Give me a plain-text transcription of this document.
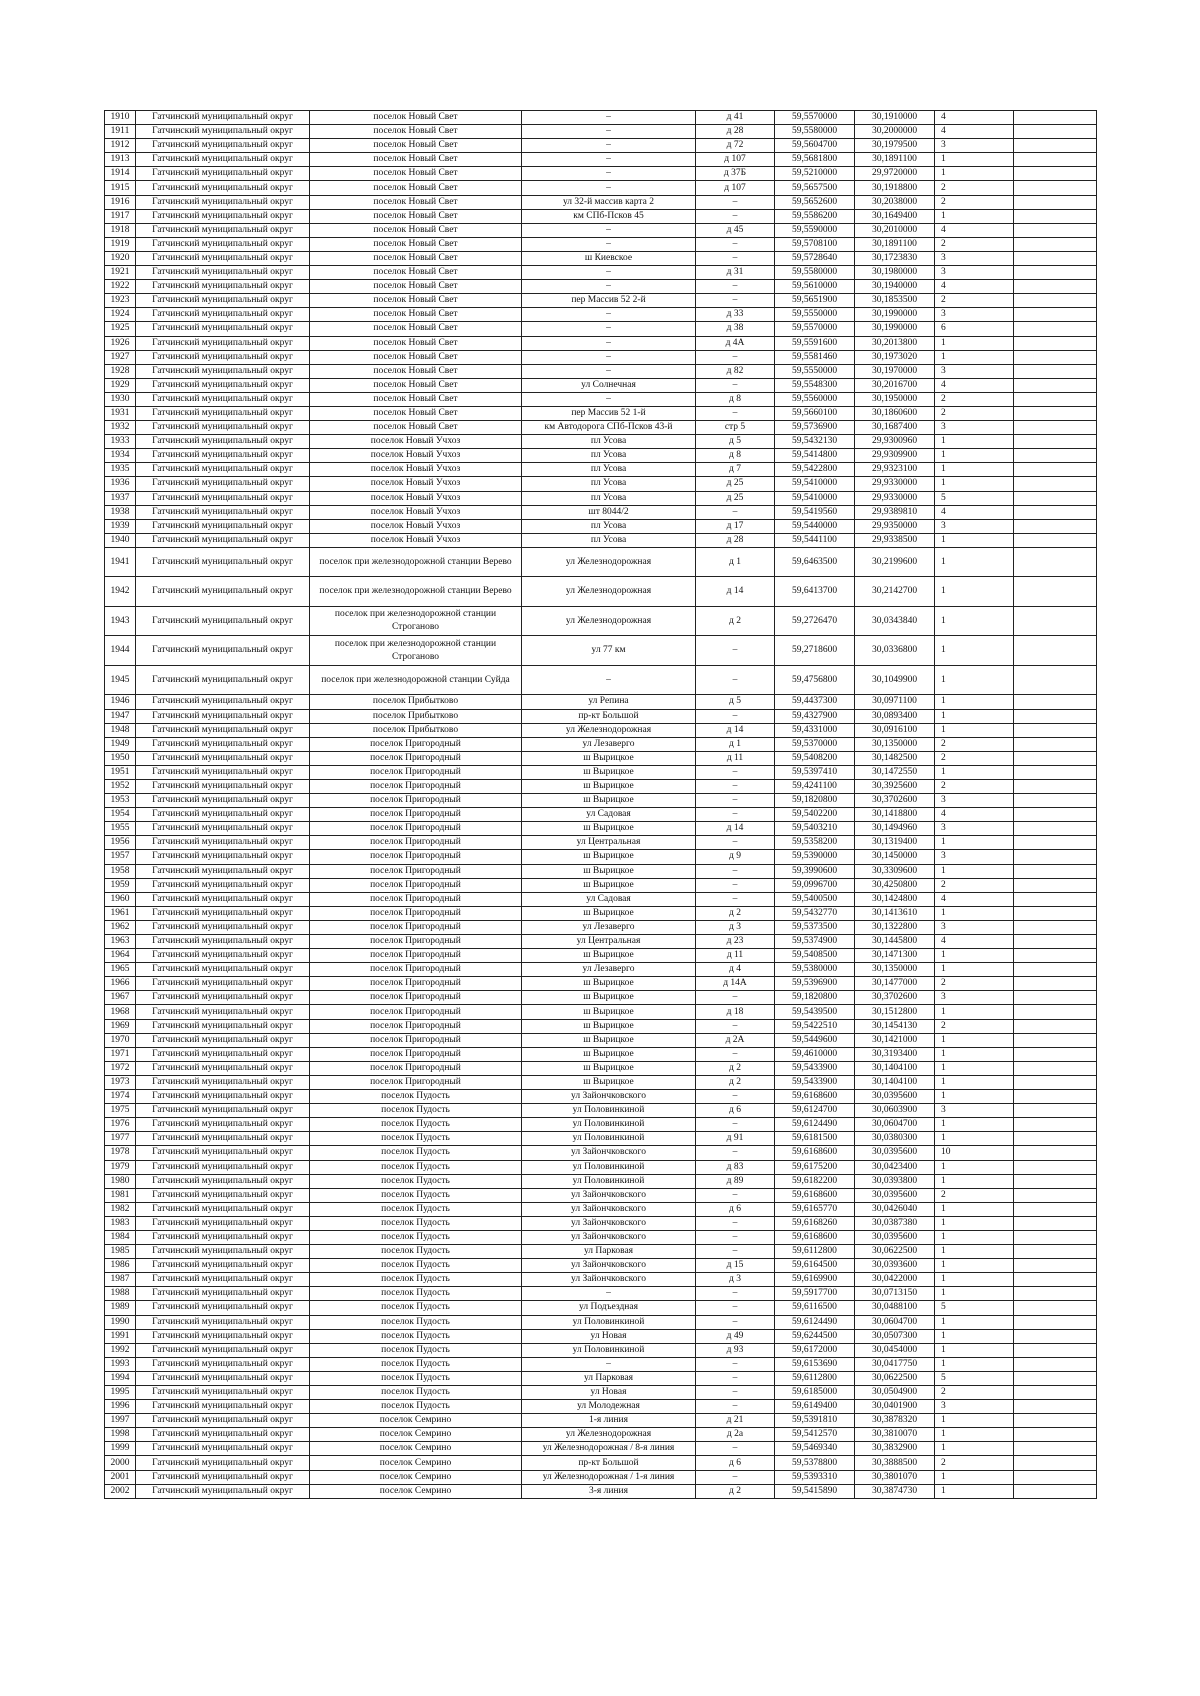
1910	Гатчинский муниципальный округ	поселок Новый Свет	–	д 41	59,5570000	30,1910000	4	
1911	Гатчинский муниципальный округ	поселок Новый Свет	–	д 28	59,5580000	30,2000000	4	
1912	Гатчинский муниципальный округ	поселок Новый Свет	–	д 72	59,5604700	30,1979500	3	
1913	Гатчинский муниципальный округ	поселок Новый Свет	–	д 107	59,5681800	30,1891100	1	
1914	Гатчинский муниципальный округ	поселок Новый Свет	–	д 37Б	59,5210000	29,9720000	1	
1915	Гатчинский муниципальный округ	поселок Новый Свет	–	д 107	59,5657500	30,1918800	2	
1916	Гатчинский муниципальный округ	поселок Новый Свет	ул 32-й массив карта 2	–	59,5652600	30,2038000	2	
1917	Гатчинский муниципальный округ	поселок Новый Свет	км СПб-Псков 45	–	59,5586200	30,1649400	1	
1918	Гатчинский муниципальный округ	поселок Новый Свет	–	д 45	59,5590000	30,2010000	4	
1919	Гатчинский муниципальный округ	поселок Новый Свет	–	–	59,5708100	30,1891100	2	
1920	Гатчинский муниципальный округ	поселок Новый Свет	ш Киевское	–	59,5728640	30,1723830	3	
1921	Гатчинский муниципальный округ	поселок Новый Свет	–	д 31	59,5580000	30,1980000	3	
1922	Гатчинский муниципальный округ	поселок Новый Свет	–	–	59,5610000	30,1940000	4	
1923	Гатчинский муниципальный округ	поселок Новый Свет	пер Массив 52 2-й	–	59,5651900	30,1853500	2	
1924	Гатчинский муниципальный округ	поселок Новый Свет	–	д 33	59,5550000	30,1990000	3	
1925	Гатчинский муниципальный округ	поселок Новый Свет	–	д 38	59,5570000	30,1990000	6	
1926	Гатчинский муниципальный округ	поселок Новый Свет	–	д 4А	59,5591600	30,2013800	1	
1927	Гатчинский муниципальный округ	поселок Новый Свет	–	–	59,5581460	30,1973020	1	
1928	Гатчинский муниципальный округ	поселок Новый Свет	–	д 82	59,5550000	30,1970000	3	
1929	Гатчинский муниципальный округ	поселок Новый Свет	ул Солнечная	–	59,5548300	30,2016700	4	
1930	Гатчинский муниципальный округ	поселок Новый Свет	–	д 8	59,5560000	30,1950000	2	
1931	Гатчинский муниципальный округ	поселок Новый Свет	пер Массив 52 1-й	–	59,5660100	30,1860600	2	
1932	Гатчинский муниципальный округ	поселок Новый Свет	км Автодорога СПб-Псков 43-й	стр 5	59,5736900	30,1687400	3	
1933	Гатчинский муниципальный округ	поселок Новый Учхоз	пл Усова	д 5	59,5432130	29,9300960	1	
1934	Гатчинский муниципальный округ	поселок Новый Учхоз	пл Усова	д 8	59,5414800	29,9309900	1	
1935	Гатчинский муниципальный округ	поселок Новый Учхоз	пл Усова	д 7	59,5422800	29,9323100	1	
1936	Гатчинский муниципальный округ	поселок Новый Учхоз	пл Усова	д 25	59,5410000	29,9330000	1	
1937	Гатчинский муниципальный округ	поселок Новый Учхоз	пл Усова	д 25	59,5410000	29,9330000	5	
1938	Гатчинский муниципальный округ	поселок Новый Учхоз	шт 8044/2	–	59,5419560	29,9389810	4	
1939	Гатчинский муниципальный округ	поселок Новый Учхоз	пл Усова	д 17	59,5440000	29,9350000	3	
1940	Гатчинский муниципальный округ	поселок Новый Учхоз	пл Усова	д 28	59,5441100	29,9338500	1	
1941	Гатчинский муниципальный округ	поселок при железнодорожной станции Верево	ул Железнодорожная	д 1	59,6463500	30,2199600	1	
1942	Гатчинский муниципальный округ	поселок при железнодорожной станции Верево	ул Железнодорожная	д 14	59,6413700	30,2142700	1	
1943	Гатчинский муниципальный округ	поселок при железнодорожной станции Строганово	ул Железнодорожная	д 2	59,2726470	30,0343840	1	
1944	Гатчинский муниципальный округ	поселок при железнодорожной станции Строганово	ул 77 км	–	59,2718600	30,0336800	1	
1945	Гатчинский муниципальный округ	поселок при железнодорожной станции Суйда	–	–	59,4756800	30,1049900	1	
1946	Гатчинский муниципальный округ	поселок Прибытково	ул Репина	д 5	59,4437300	30,0971100	1	
1947	Гатчинский муниципальный округ	поселок Прибытково	пр-кт Большой	–	59,4327900	30,0893400	1	
1948	Гатчинский муниципальный округ	поселок Прибытково	ул Железнодорожная	д 14	59,4331000	30,0916100	1	
1949	Гатчинский муниципальный округ	поселок Пригородный	ул Лезаверго	д 1	59,5370000	30,1350000	2	
1950	Гатчинский муниципальный округ	поселок Пригородный	ш Вырицкое	д 11	59,5408200	30,1482500	2	
1951	Гатчинский муниципальный округ	поселок Пригородный	ш Вырицкое	–	59,5397410	30,1472550	1	
1952	Гатчинский муниципальный округ	поселок Пригородный	ш Вырицкое	–	59,4241100	30,3925600	2	
1953	Гатчинский муниципальный округ	поселок Пригородный	ш Вырицкое	–	59,1820800	30,3702600	3	
1954	Гатчинский муниципальный округ	поселок Пригородный	ул Садовая	–	59,5402200	30,1418800	4	
1955	Гатчинский муниципальный округ	поселок Пригородный	ш Вырицкое	д 14	59,5403210	30,1494960	3	
1956	Гатчинский муниципальный округ	поселок Пригородный	ул Центральная	–	59,5358200	30,1319400	1	
1957	Гатчинский муниципальный округ	поселок Пригородный	ш Вырицкое	д 9	59,5390000	30,1450000	3	
1958	Гатчинский муниципальный округ	поселок Пригородный	ш Вырицкое	–	59,3990600	30,3309600	1	
1959	Гатчинский муниципальный округ	поселок Пригородный	ш Вырицкое	–	59,0996700	30,4250800	2	
1960	Гатчинский муниципальный округ	поселок Пригородный	ул Садовая	–	59,5400500	30,1424800	4	
1961	Гатчинский муниципальный округ	поселок Пригородный	ш Вырицкое	д 2	59,5432770	30,1413610	1	
1962	Гатчинский муниципальный округ	поселок Пригородный	ул Лезаверго	д 3	59,5373500	30,1322800	3	
1963	Гатчинский муниципальный округ	поселок Пригородный	ул Центральная	д 23	59,5374900	30,1445800	4	
1964	Гатчинский муниципальный округ	поселок Пригородный	ш Вырицкое	д 11	59,5408500	30,1471300	1	
1965	Гатчинский муниципальный округ	поселок Пригородный	ул Лезаверго	д 4	59,5380000	30,1350000	1	
1966	Гатчинский муниципальный округ	поселок Пригородный	ш Вырицкое	д 14А	59,5396900	30,1477000	2	
1967	Гатчинский муниципальный округ	поселок Пригородный	ш Вырицкое	–	59,1820800	30,3702600	3	
1968	Гатчинский муниципальный округ	поселок Пригородный	ш Вырицкое	д 18	59,5439500	30,1512800	1	
1969	Гатчинский муниципальный округ	поселок Пригородный	ш Вырицкое	–	59,5422510	30,1454130	2	
1970	Гатчинский муниципальный округ	поселок Пригородный	ш Вырицкое	д 2А	59,5449600	30,1421000	1	
1971	Гатчинский муниципальный округ	поселок Пригородный	ш Вырицкое	–	59,4610000	30,3193400	1	
1972	Гатчинский муниципальный округ	поселок Пригородный	ш Вырицкое	д 2	59,5433900	30,1404100	1	
1973	Гатчинский муниципальный округ	поселок Пригородный	ш Вырицкое	д 2	59,5433900	30,1404100	1	
1974	Гатчинский муниципальный округ	поселок Пудость	ул Зайончковского	–	59,6168600	30,0395600	1	
1975	Гатчинский муниципальный округ	поселок Пудость	ул Половинкиной	д 6	59,6124700	30,0603900	3	
1976	Гатчинский муниципальный округ	поселок Пудость	ул Половинкиной	–	59,6124490	30,0604700	1	
1977	Гатчинский муниципальный округ	поселок Пудость	ул Половинкиной	д 91	59,6181500	30,0380300	1	
1978	Гатчинский муниципальный округ	поселок Пудость	ул Зайончковского	–	59,6168600	30,0395600	10	
1979	Гатчинский муниципальный округ	поселок Пудость	ул Половинкиной	д 83	59,6175200	30,0423400	1	
1980	Гатчинский муниципальный округ	поселок Пудость	ул Половинкиной	д 89	59,6182200	30,0393800	1	
1981	Гатчинский муниципальный округ	поселок Пудость	ул Зайончковского	–	59,6168600	30,0395600	2	
1982	Гатчинский муниципальный округ	поселок Пудость	ул Зайончковского	д 6	59,6165770	30,0426040	1	
1983	Гатчинский муниципальный округ	поселок Пудость	ул Зайончковского	–	59,6168260	30,0387380	1	
1984	Гатчинский муниципальный округ	поселок Пудость	ул Зайончковского	–	59,6168600	30,0395600	1	
1985	Гатчинский муниципальный округ	поселок Пудость	ул Парковая	–	59,6112800	30,0622500	1	
1986	Гатчинский муниципальный округ	поселок Пудость	ул Зайончковского	д 15	59,6164500	30,0393600	1	
1987	Гатчинский муниципальный округ	поселок Пудость	ул Зайончковского	д 3	59,6169900	30,0422000	1	
1988	Гатчинский муниципальный округ	поселок Пудость	–	–	59,5917700	30,0713150	1	
1989	Гатчинский муниципальный округ	поселок Пудость	ул Подъездная	–	59,6116500	30,0488100	5	
1990	Гатчинский муниципальный округ	поселок Пудость	ул Половинкиной	–	59,6124490	30,0604700	1	
1991	Гатчинский муниципальный округ	поселок Пудость	ул Новая	д 49	59,6244500	30,0507300	1	
1992	Гатчинский муниципальный округ	поселок Пудость	ул Половинкиной	д 93	59,6172000	30,0454000	1	
1993	Гатчинский муниципальный округ	поселок Пудость	–	–	59,6153690	30,0417750	1	
1994	Гатчинский муниципальный округ	поселок Пудость	ул Парковая	–	59,6112800	30,0622500	5	
1995	Гатчинский муниципальный округ	поселок Пудость	ул Новая	–	59,6185000	30,0504900	2	
1996	Гатчинский муниципальный округ	поселок Пудость	ул Молодежная	–	59,6149400	30,0401900	3	
1997	Гатчинский муниципальный округ	поселок Семрино	1-я линия	д 21	59,5391810	30,3878320	1	
1998	Гатчинский муниципальный округ	поселок Семрино	ул Железнодорожная	д 2а	59,5412570	30,3810070	1	
1999	Гатчинский муниципальный округ	поселок Семрино	ул Железнодорожная / 8-я линия	–	59,5469340	30,3832900	1	
2000	Гатчинский муниципальный округ	поселок Семрино	пр-кт Большой	д 6	59,5378800	30,3888500	2	
2001	Гатчинский муниципальный округ	поселок Семрино	ул Железнодорожная / 1-я линия	–	59,5393310	30,3801070	1	
2002	Гатчинский муниципальный округ	поселок Семрино	3-я линия	д 2	59,5415890	30,3874730	1	
